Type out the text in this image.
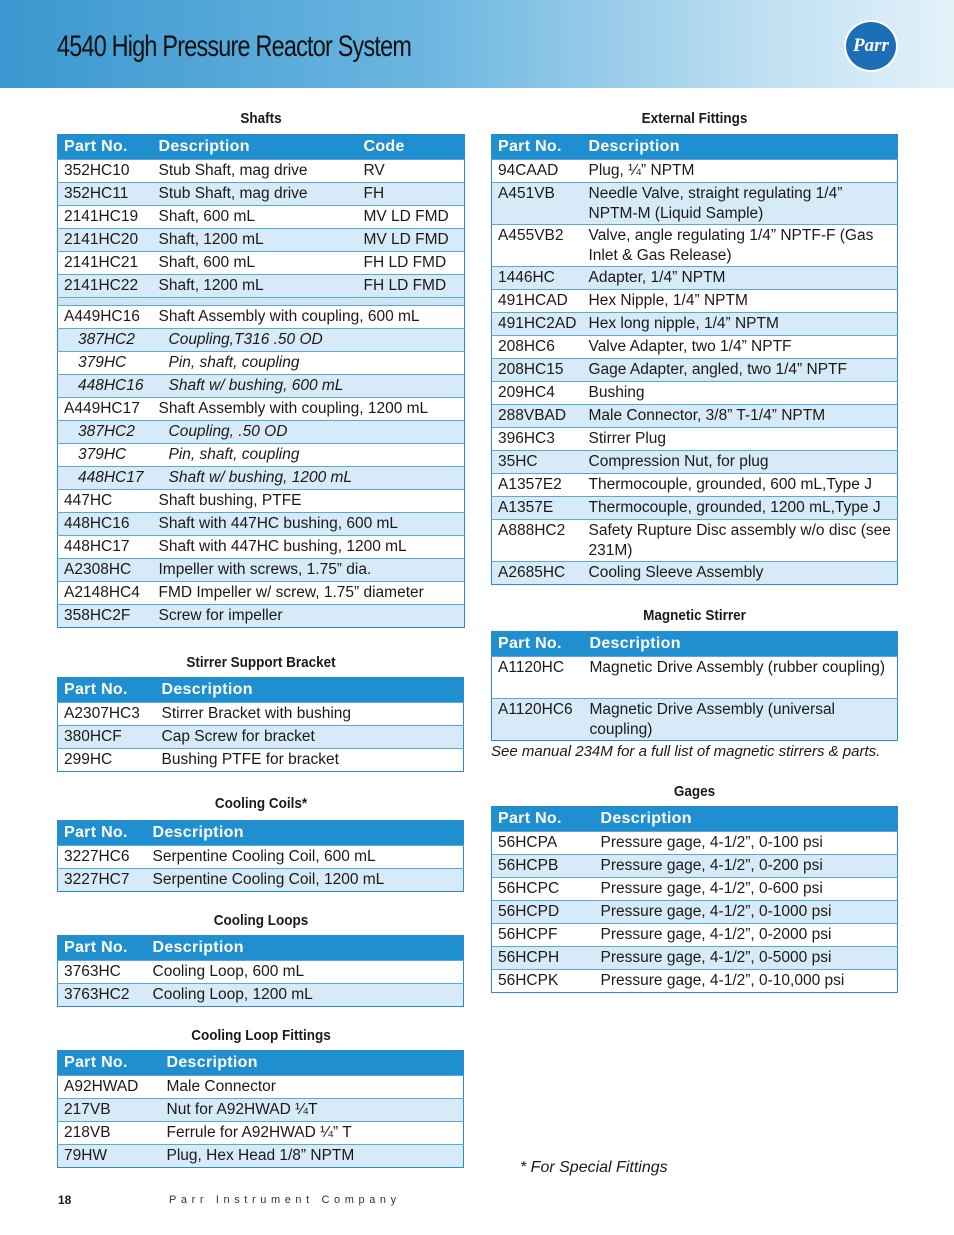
4540 High Pressure Reactor System	Parr
Shafts
Part No.	Description	Code
352HC10	Stub Shaft, mag drive	RV
352HC11	Stub Shaft, mag drive	FH
2141HC19	Shaft, 600 mL	MV LD FMD
2141HC20	Shaft, 1200 mL	MV LD FMD
2141HC21	Shaft, 600 mL	FH LD FMD
2141HC22	Shaft, 1200 mL	FH LD FMD

A449HC16	Shaft Assembly with coupling, 600 mL	
387HC2	Coupling,T316 .50 OD	
379HC	Pin, shaft, coupling	
448HC16	Shaft w/ bushing, 600 mL	
A449HC17	Shaft Assembly with coupling, 1200 mL	
387HC2	Coupling, .50 OD	
379HC	Pin, shaft, coupling	
448HC17	Shaft w/ bushing, 1200 mL	
447HC	Shaft bushing, PTFE	
448HC16	Shaft with 447HC bushing, 600 mL	
448HC17	Shaft with 447HC bushing, 1200 mL	
A2308HC	Impeller with screws, 1.75” dia.	
A2148HC4	FMD Impeller w/ screw, 1.75” diameter	
358HC2F	Screw for impeller	
Stirrer Support Bracket
Part No.	Description
A2307HC3	Stirrer Bracket with bushing
380HCF	Cap Screw for bracket
299HC	Bushing PTFE for bracket
Cooling Coils*
Part No.	Description
3227HC6	Serpentine Cooling Coil, 600 mL
3227HC7	Serpentine Cooling Coil, 1200 mL
Cooling Loops
Part No.	Description
3763HC	Cooling Loop, 600 mL
3763HC2	Cooling Loop, 1200 mL
Cooling Loop Fittings
Part No.	Description
A92HWAD	Male Connector
217VB	Nut for A92HWAD ¼T
218VB	Ferrule for A92HWAD ¼” T
79HW	Plug, Hex Head 1/8” NPTM
External Fittings
Part No.	Description
94CAAD	Plug, ¼” NPTM
A451VB	Needle Valve, straight regulating 1/4” NPTM-M (Liquid Sample)
A455VB2	Valve, angle regulating 1/4” NPTF-F (Gas Inlet & Gas Release)
1446HC	Adapter, 1/4” NPTM
491HCAD	Hex Nipple, 1/4” NPTM
491HC2AD	Hex long nipple, 1/4” NPTM
208HC6	Valve Adapter, two 1/4” NPTF
208HC15	Gage Adapter, angled, two 1/4” NPTF
209HC4	Bushing
288VBAD	Male Connector, 3/8” T-1/4” NPTM
396HC3	Stirrer Plug
35HC	Compression Nut, for plug
A1357E2	Thermocouple, grounded, 600 mL,Type J
A1357E	Thermocouple, grounded, 1200 mL,Type J
A888HC2	Safety Rupture Disc assembly w/o disc (see 231M)
A2685HC	Cooling Sleeve Assembly
Magnetic Stirrer
Part No.	Description
A1120HC	Magnetic Drive Assembly (rubber coupling)
A1120HC6	Magnetic Drive Assembly (universal coupling)
See manual 234M for a full list of magnetic stirrers & parts.
Gages
Part No.	Description
56HCPA	Pressure gage, 4-1/2”, 0-100 psi
56HCPB	Pressure gage, 4-1/2”, 0-200 psi
56HCPC	Pressure gage, 4-1/2”, 0-600 psi
56HCPD	Pressure gage, 4-1/2”, 0-1000 psi
56HCPF	Pressure gage, 4-1/2”, 0-2000 psi
56HCPH	Pressure gage, 4-1/2”, 0-5000 psi
56HCPK	Pressure gage, 4-1/2”, 0-10,000 psi
* For Special Fittings
18	Parr Instrument Company
